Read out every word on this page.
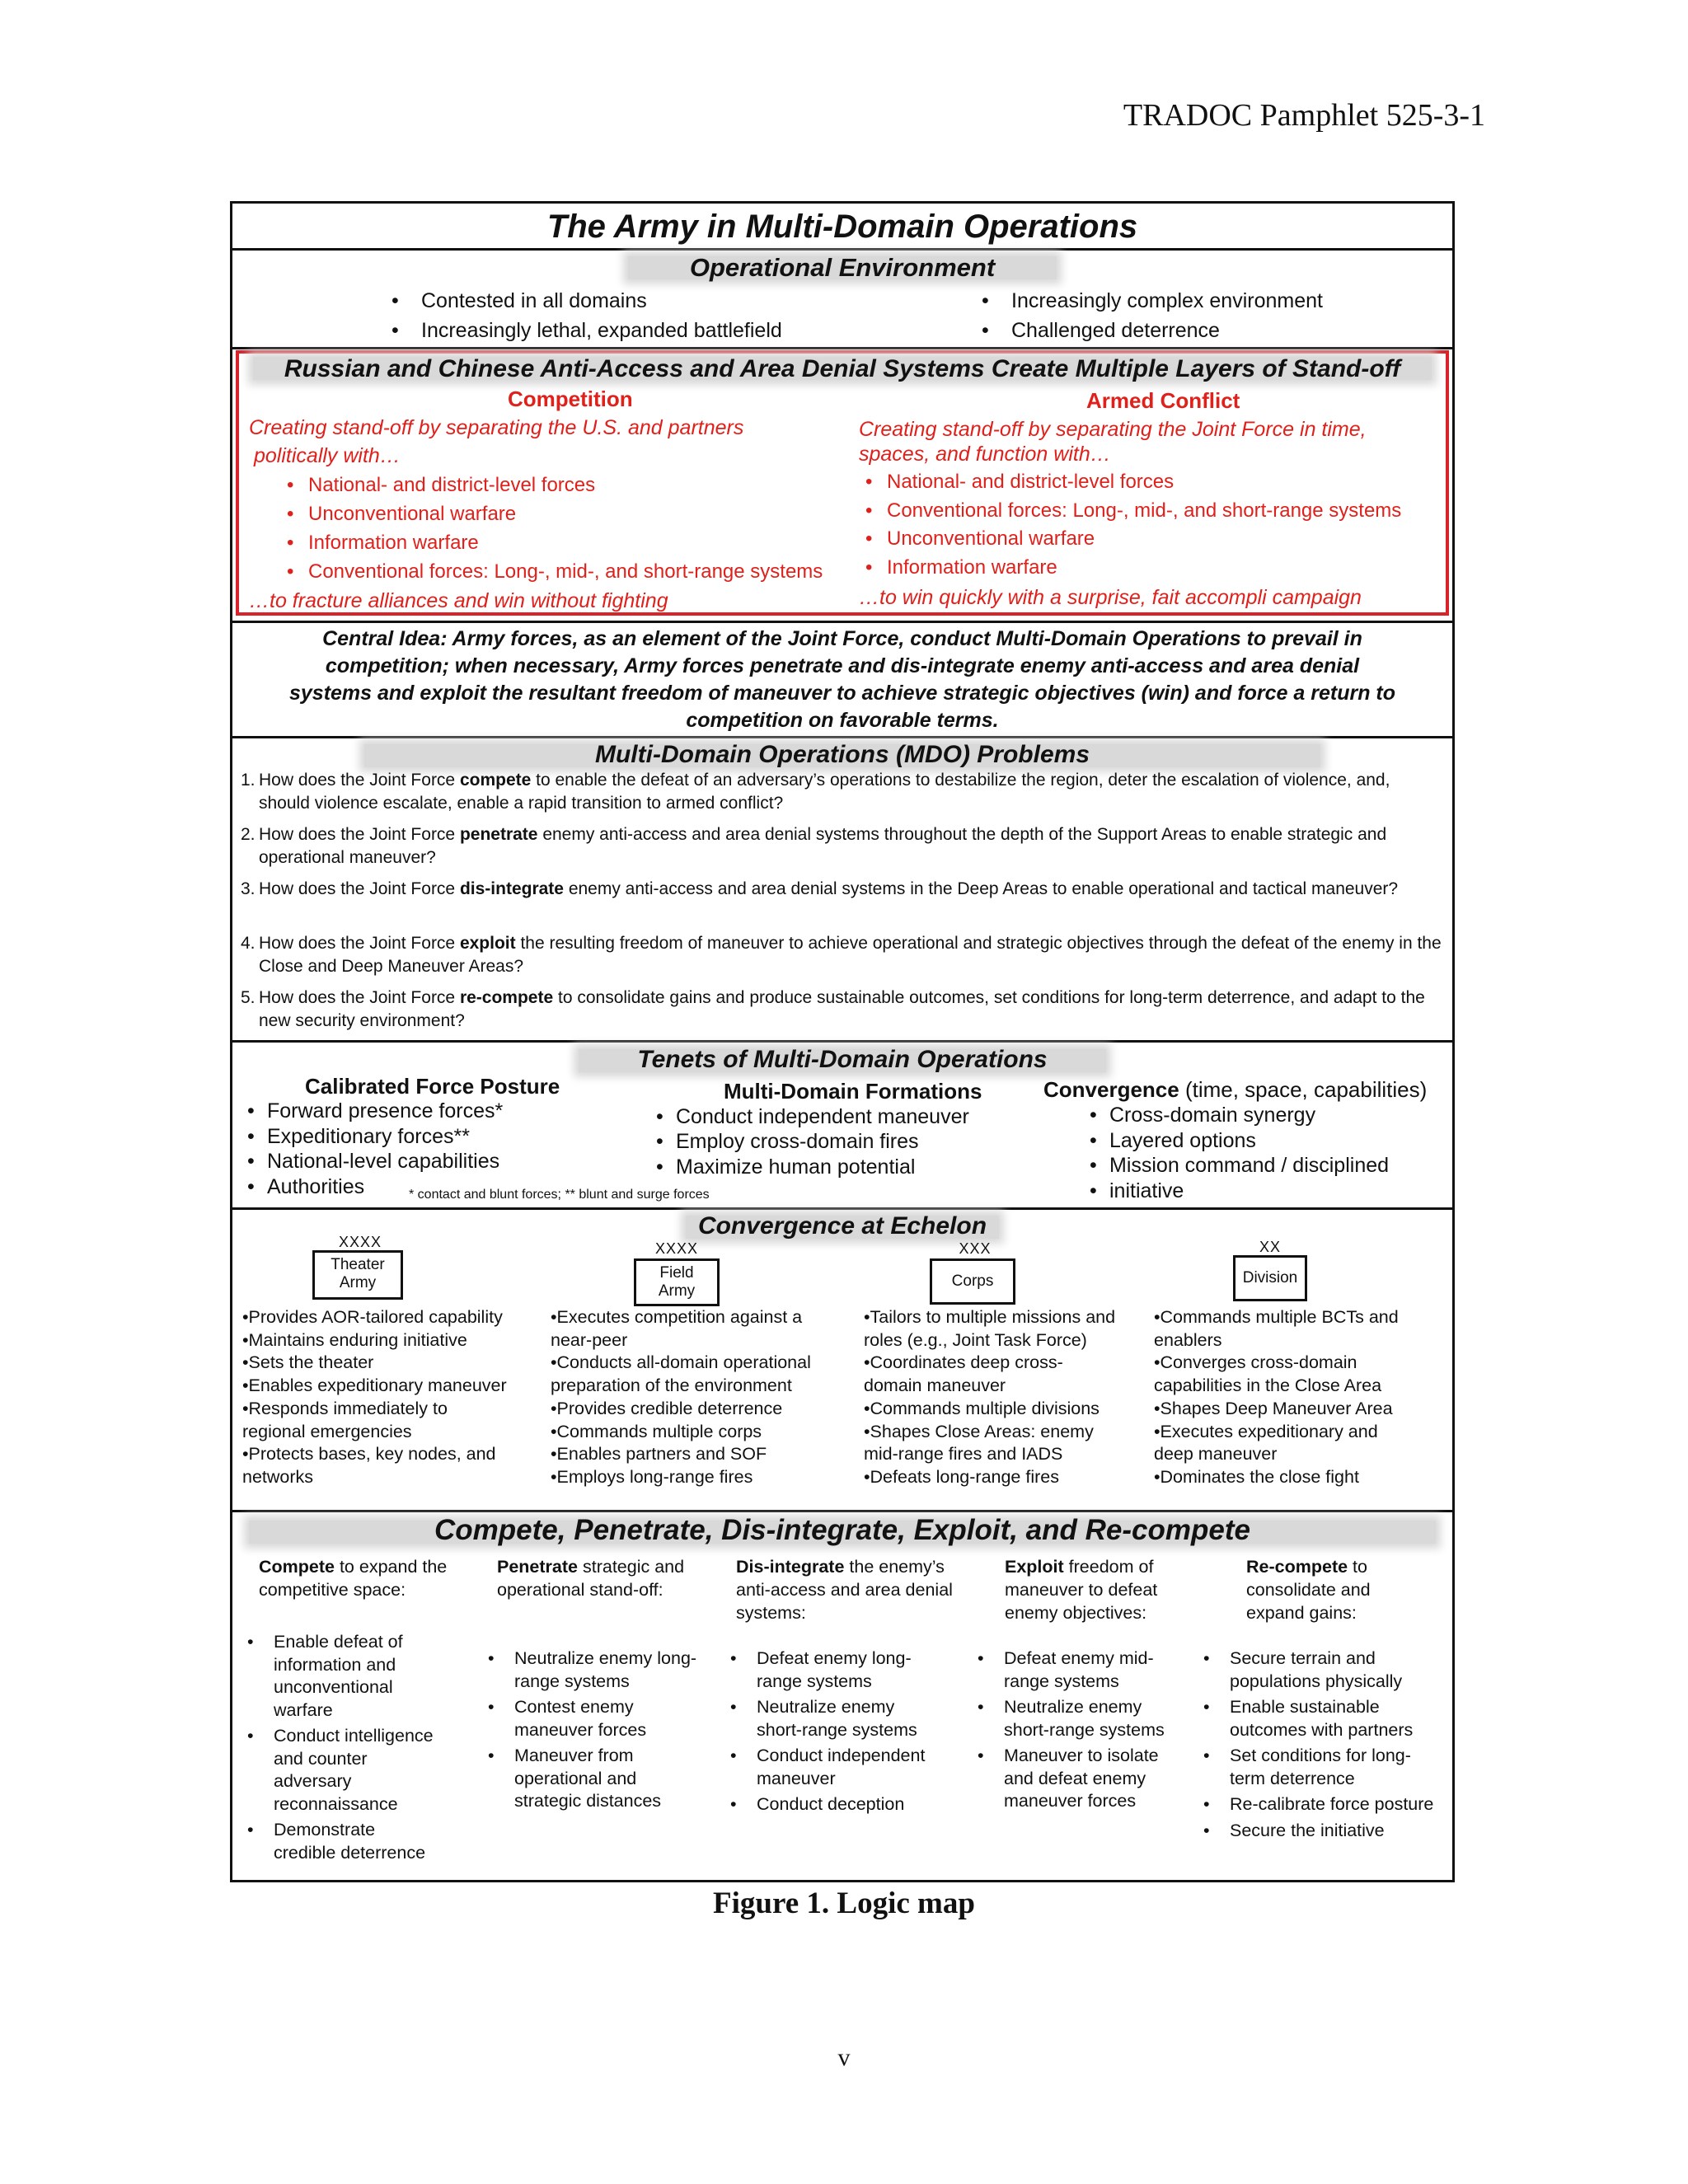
TRADOC Pamphlet 525-3-1
The Army in Multi-Domain Operations
Operational Environment
• Contested in all domains
• Increasingly lethal, expanded battlefield
• Increasingly complex environment
• Challenged deterrence
Russian and Chinese Anti-Access and Area Denial Systems Create Multiple Layers of Stand-off
Competition
Creating stand-off by separating the U.S. and partners
politically with…
• National- and district-level forces
• Unconventional warfare
• Information warfare
• Conventional forces: Long-, mid-, and short-range systems
…to fracture alliances and win without fighting
Armed Conflict
Creating stand-off by separating the Joint Force in time,
spaces, and function with…
• National- and district-level forces
• Conventional forces: Long-, mid-, and short-range systems
• Unconventional warfare
• Information warfare
…to win quickly with a surprise, fait accompli campaign
Central Idea: Army forces, as an element of the Joint Force, conduct Multi-Domain Operations to prevail in
competition; when necessary, Army forces penetrate and dis-integrate enemy anti-access and area denial
systems and exploit the resultant freedom of maneuver to achieve strategic objectives (win) and force a return to
competition on favorable terms.
Multi-Domain Operations (MDO) Problems
1. How does the Joint Force compete to enable the defeat of an adversary’s operations to destabilize the region, deter the escalation of violence, and, should violence escalate, enable a rapid transition to armed conflict?
2. How does the Joint Force penetrate enemy anti-access and area denial systems throughout the depth of the Support Areas to enable strategic and operational maneuver?
3. How does the Joint Force dis-integrate enemy anti-access and area denial systems in the Deep Areas to enable operational and tactical maneuver?
4. How does the Joint Force exploit the resulting freedom of maneuver to achieve operational and strategic objectives through the defeat of the enemy in the Close and Deep Maneuver Areas?
5. How does the Joint Force re-compete to consolidate gains and produce sustainable outcomes, set conditions for long-term deterrence, and adapt to the new security environment?
Tenets of Multi-Domain Operations
Calibrated Force Posture
• Forward presence forces*
• Expeditionary forces**
• National-level capabilities
• Authorities	* contact and blunt forces; ** blunt and surge forces
Multi-Domain Formations
• Conduct independent maneuver
• Employ cross-domain fires
• Maximize human potential
Convergence (time, space, capabilities)
• Cross-domain synergy
• Layered options
• Mission command / disciplined
• initiative
Convergence at Echelon
XXXX
Theater
Army
XXXX
Field
Army
XXX
Corps
XX
Division
•Provides AOR-tailored capability
•Maintains enduring initiative
•Sets the theater
•Enables expeditionary maneuver
•Responds immediately to
regional emergencies
•Protects bases, key nodes, and
networks
•Executes competition against a
near-peer
•Conducts all-domain operational
preparation of the environment
•Provides credible deterrence
•Commands multiple corps
•Enables partners and SOF
•Employs long-range fires
•Tailors to multiple missions and
roles (e.g., Joint Task Force)
•Coordinates deep cross-
domain maneuver
•Commands multiple divisions
•Shapes Close Areas: enemy
mid-range fires and IADS
•Defeats long-range fires
•Commands multiple BCTs and
enablers
•Converges cross-domain
capabilities in the Close Area
•Shapes Deep Maneuver Area
•Executes expeditionary and
deep maneuver
•Dominates the close fight
Compete, Penetrate, Dis-integrate, Exploit, and Re-compete
Compete to expand the competitive space:
• Enable defeat of information and unconventional warfare
• Conduct intelligence and counter adversary reconnaissance
• Demonstrate credible deterrence
Penetrate strategic and operational stand-off:
• Neutralize enemy long-range systems
• Contest enemy maneuver forces
• Maneuver from operational and strategic distances
Dis-integrate the enemy’s anti-access and area denial systems:
• Defeat enemy long-range systems
• Neutralize enemy short-range systems
• Conduct independent maneuver
• Conduct deception
Exploit freedom of maneuver to defeat enemy objectives:
• Defeat enemy mid-range systems
• Neutralize enemy short-range systems
• Maneuver to isolate and defeat enemy maneuver forces
Re-compete to consolidate and expand gains:
• Secure terrain and populations physically
• Enable sustainable outcomes with partners
• Set conditions for long-term deterrence
• Re-calibrate force posture
• Secure the initiative
Figure 1. Logic map
v
